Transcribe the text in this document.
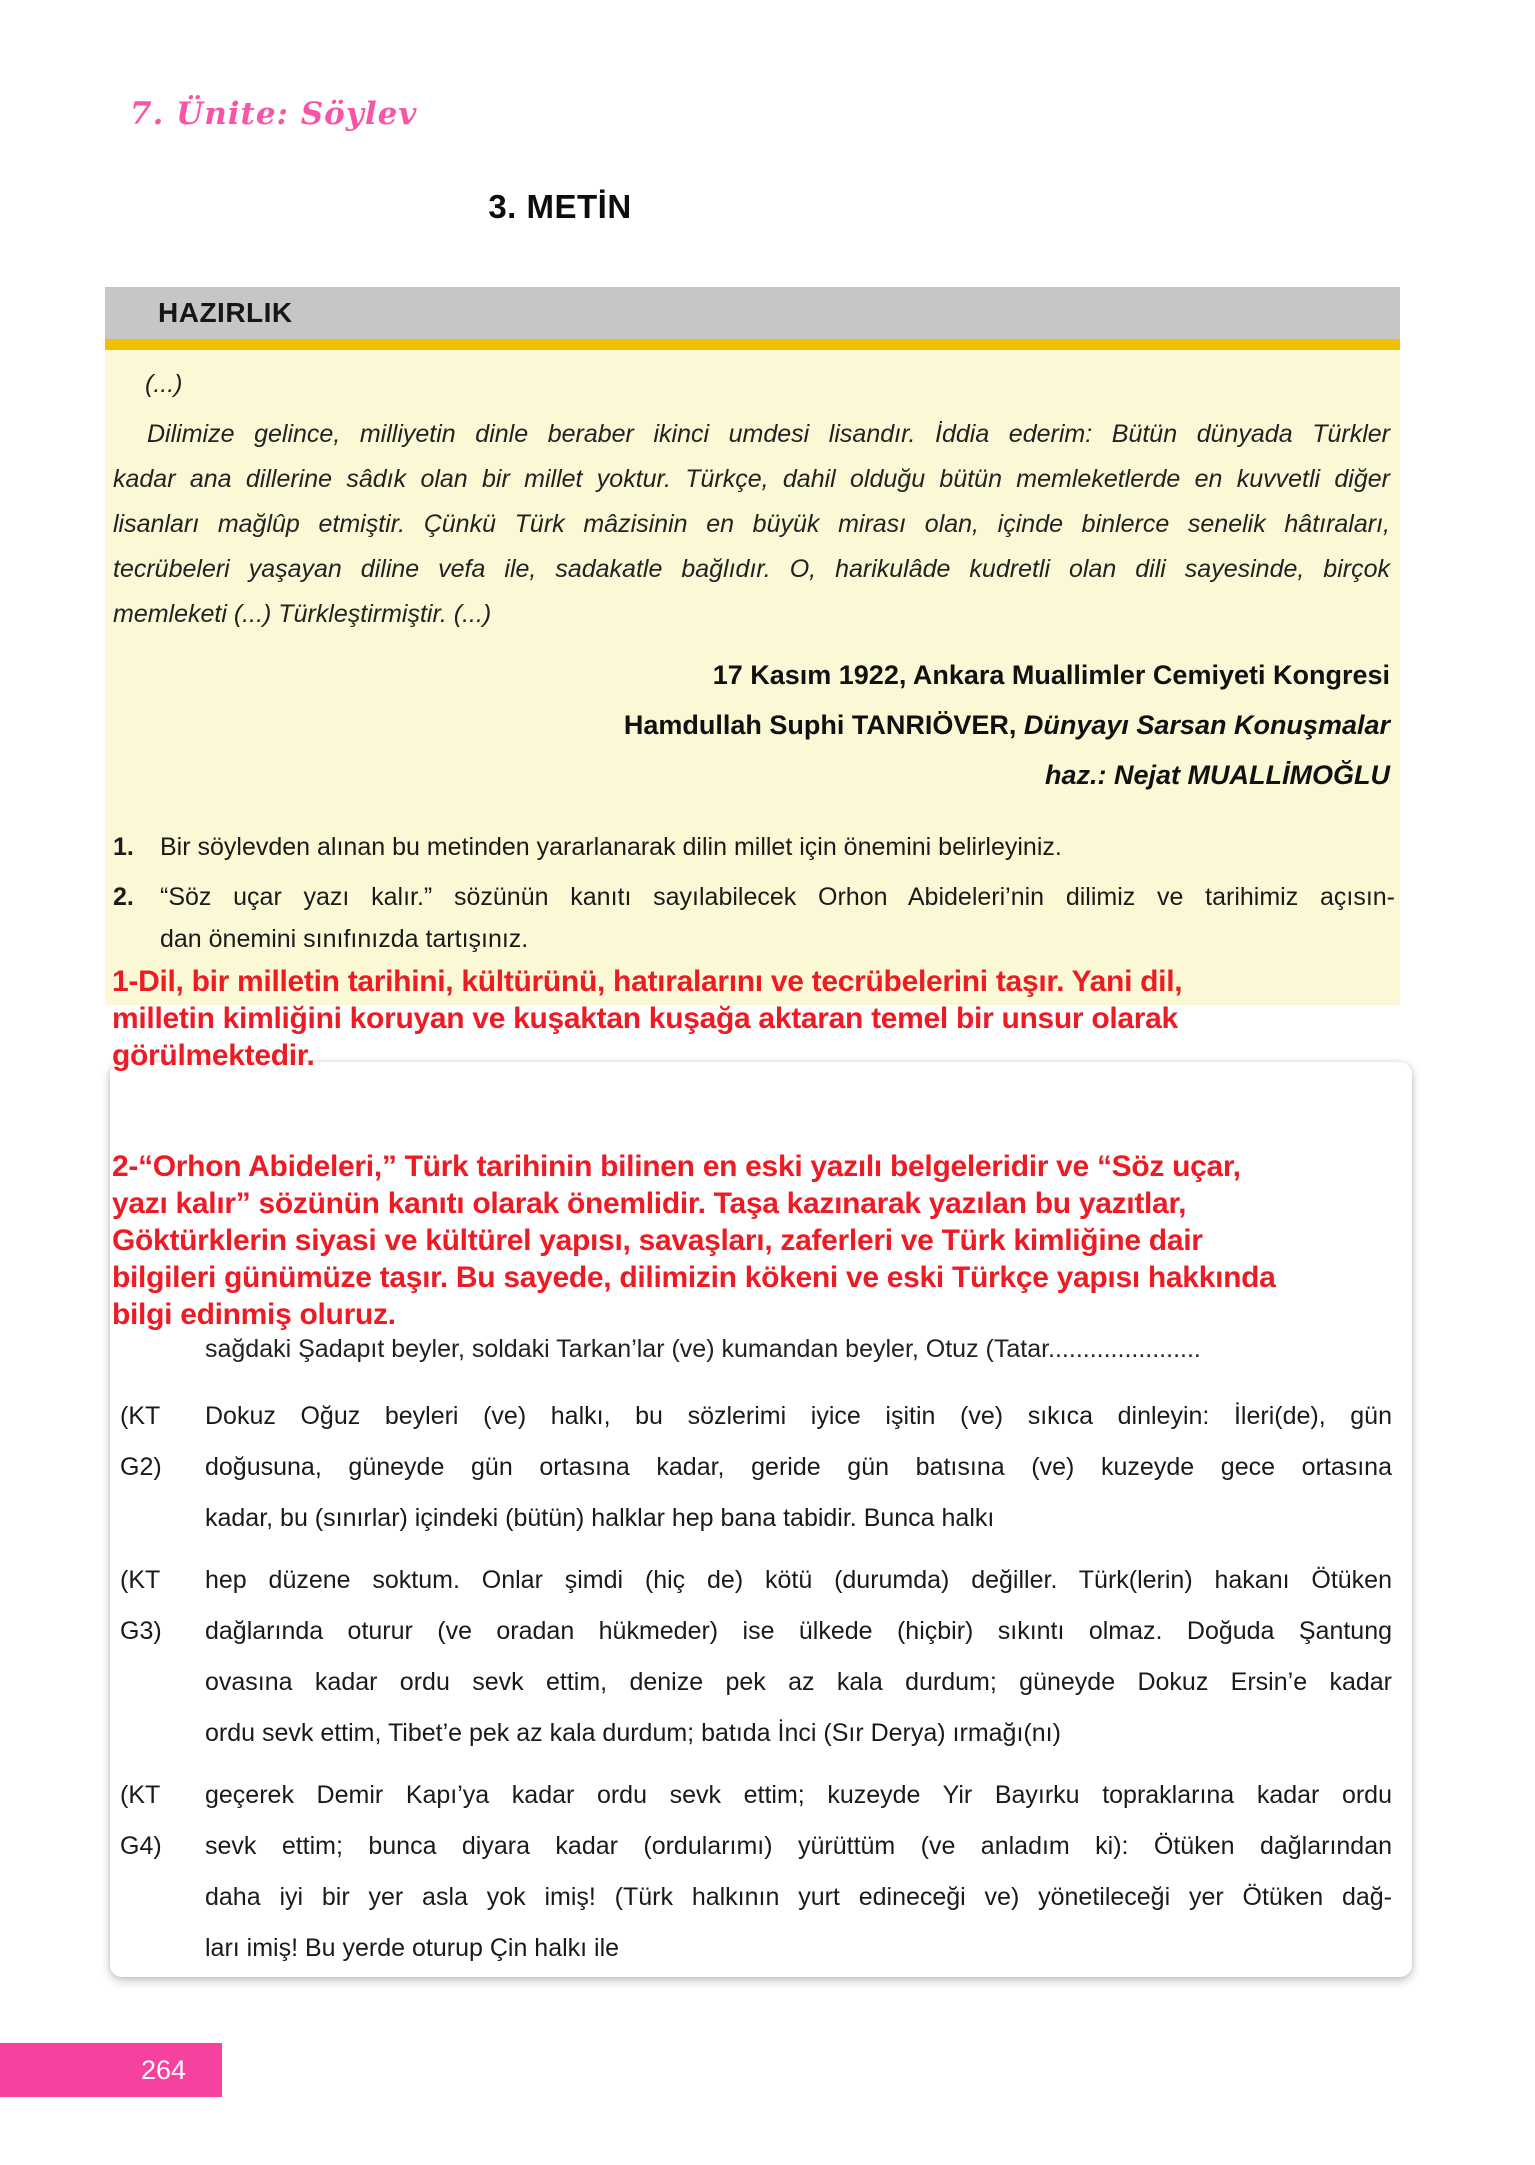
7. Ünite: Söylev
3. METİN
HAZIRLIK
(...)
Dilimize gelince, milliyetin dinle beraber ikinci umdesi lisandır. İddia ederim: Bütün dünyada Türkler
kadar ana dillerine sâdık olan bir millet yoktur. Türkçe, dahil olduğu bütün memleketlerde en kuvvetli diğer
lisanları mağlûp etmiştir. Çünkü Türk mâzisinin en büyük mirası olan, içinde binlerce senelik hâtıraları,
tecrübeleri yaşayan diline vefa ile, sadakatle bağlıdır. O, harikulâde kudretli olan dili sayesinde, birçok
memleketi (...) Türkleştirmiştir. (...)
17 Kasım 1922, Ankara Muallimler Cemiyeti Kongresi
Hamdullah Suphi TANRIÖVER, Dünyayı Sarsan Konuşmalar
haz.: Nejat MUALLİMOĞLU
1.	Bir söylevden alınan bu metinden yararlanarak dilin millet için önemini belirleyiniz.
2.	“Söz uçar yazı kalır.” sözünün kanıtı sayılabilecek Orhon Abideleri’nin dilimiz ve tarihimiz açısın-
dan önemini sınıfınızda tartışınız.
1-Dil, bir milletin tarihini, kültürünü, hatıralarını ve tecrübelerini taşır. Yani dil,
milletin kimliğini koruyan ve kuşaktan kuşağa aktaran temel bir unsur olarak
görülmektedir.
2-“Orhon Abideleri,” Türk tarihinin bilinen en eski yazılı belgeleridir ve “Söz uçar,
yazı kalır” sözünün kanıtı olarak önemlidir. Taşa kazınarak yazılan bu yazıtlar,
Göktürklerin siyasi ve kültürel yapısı, savaşları, zaferleri ve Türk kimliğine dair
bilgileri günümüze taşır. Bu sayede, dilimizin kökeni ve eski Türkçe yapısı hakkında
bilgi edinmiş oluruz.
sağdaki Şadapıt beyler, soldaki Tarkan’lar (ve) kumandan beyler, Otuz (Tatar......................
(KT G2)
Dokuz Oğuz beyleri (ve) halkı, bu sözlerimi iyice işitin (ve) sıkıca dinleyin: İleri(de), gün
doğusuna, güneyde gün ortasına kadar, geride gün batısına (ve) kuzeyde gece ortasına
kadar, bu (sınırlar) içindeki (bütün) halklar hep bana tabidir. Bunca halkı
(KT G3)
hep düzene soktum. Onlar şimdi (hiç de) kötü (durumda) değiller. Türk(lerin) hakanı Ötüken
dağlarında oturur (ve oradan hükmeder) ise ülkede (hiçbir) sıkıntı olmaz. Doğuda Şantung
ovasına kadar ordu sevk ettim, denize pek az kala durdum; güneyde Dokuz Ersin’e kadar
ordu sevk ettim, Tibet’e pek az kala durdum; batıda İnci (Sır Derya) ırmağı(nı)
(KT G4)
geçerek Demir Kapı’ya kadar ordu sevk ettim; kuzeyde Yir Bayırku topraklarına kadar ordu
sevk ettim; bunca diyara kadar (ordularımı) yürüttüm (ve anladım ki): Ötüken dağlarından
daha iyi bir yer asla yok imiş! (Türk halkının yurt edineceği ve) yönetileceği yer Ötüken dağ-
ları imiş! Bu yerde oturup Çin halkı ile
264
